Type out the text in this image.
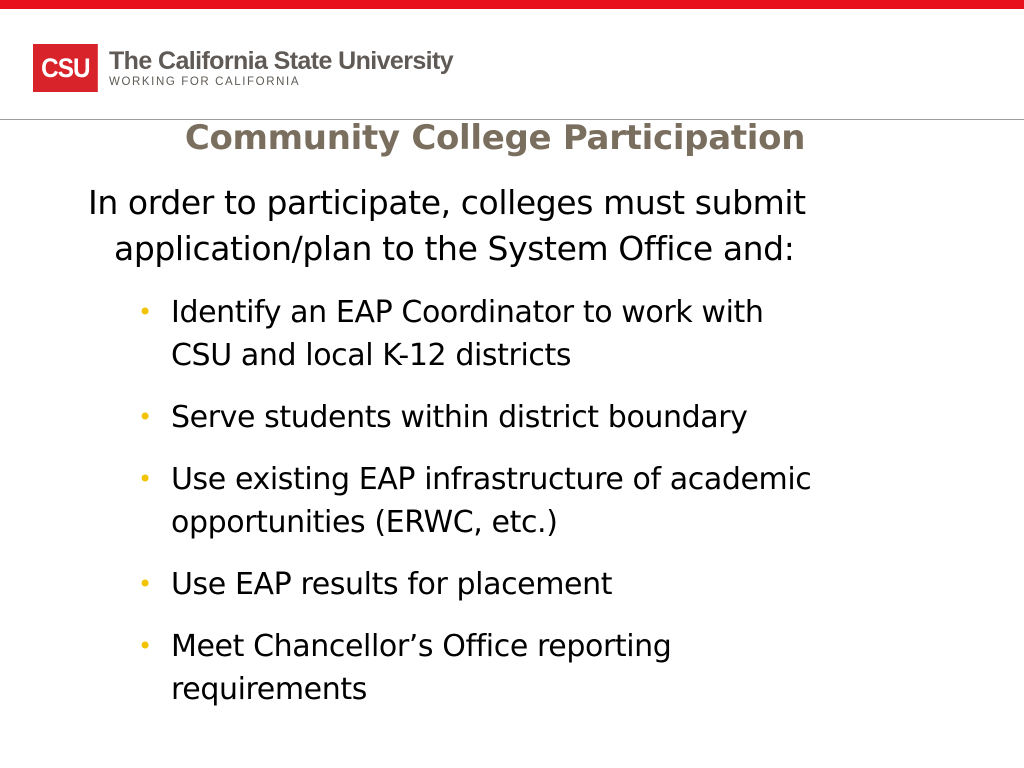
CSU The California State University
WORKING FOR CALIFORNIA
Community College Participation
In order to participate, colleges must submit
application/plan to the System Office and:
• Identify an EAP Coordinator to work with
CSU and local K-12 districts
• Serve students within district boundary
• Use existing EAP infrastructure of academic
opportunities (ERWC, etc.)
• Use EAP results for placement
• Meet Chancellor’s Office reporting
requirements
